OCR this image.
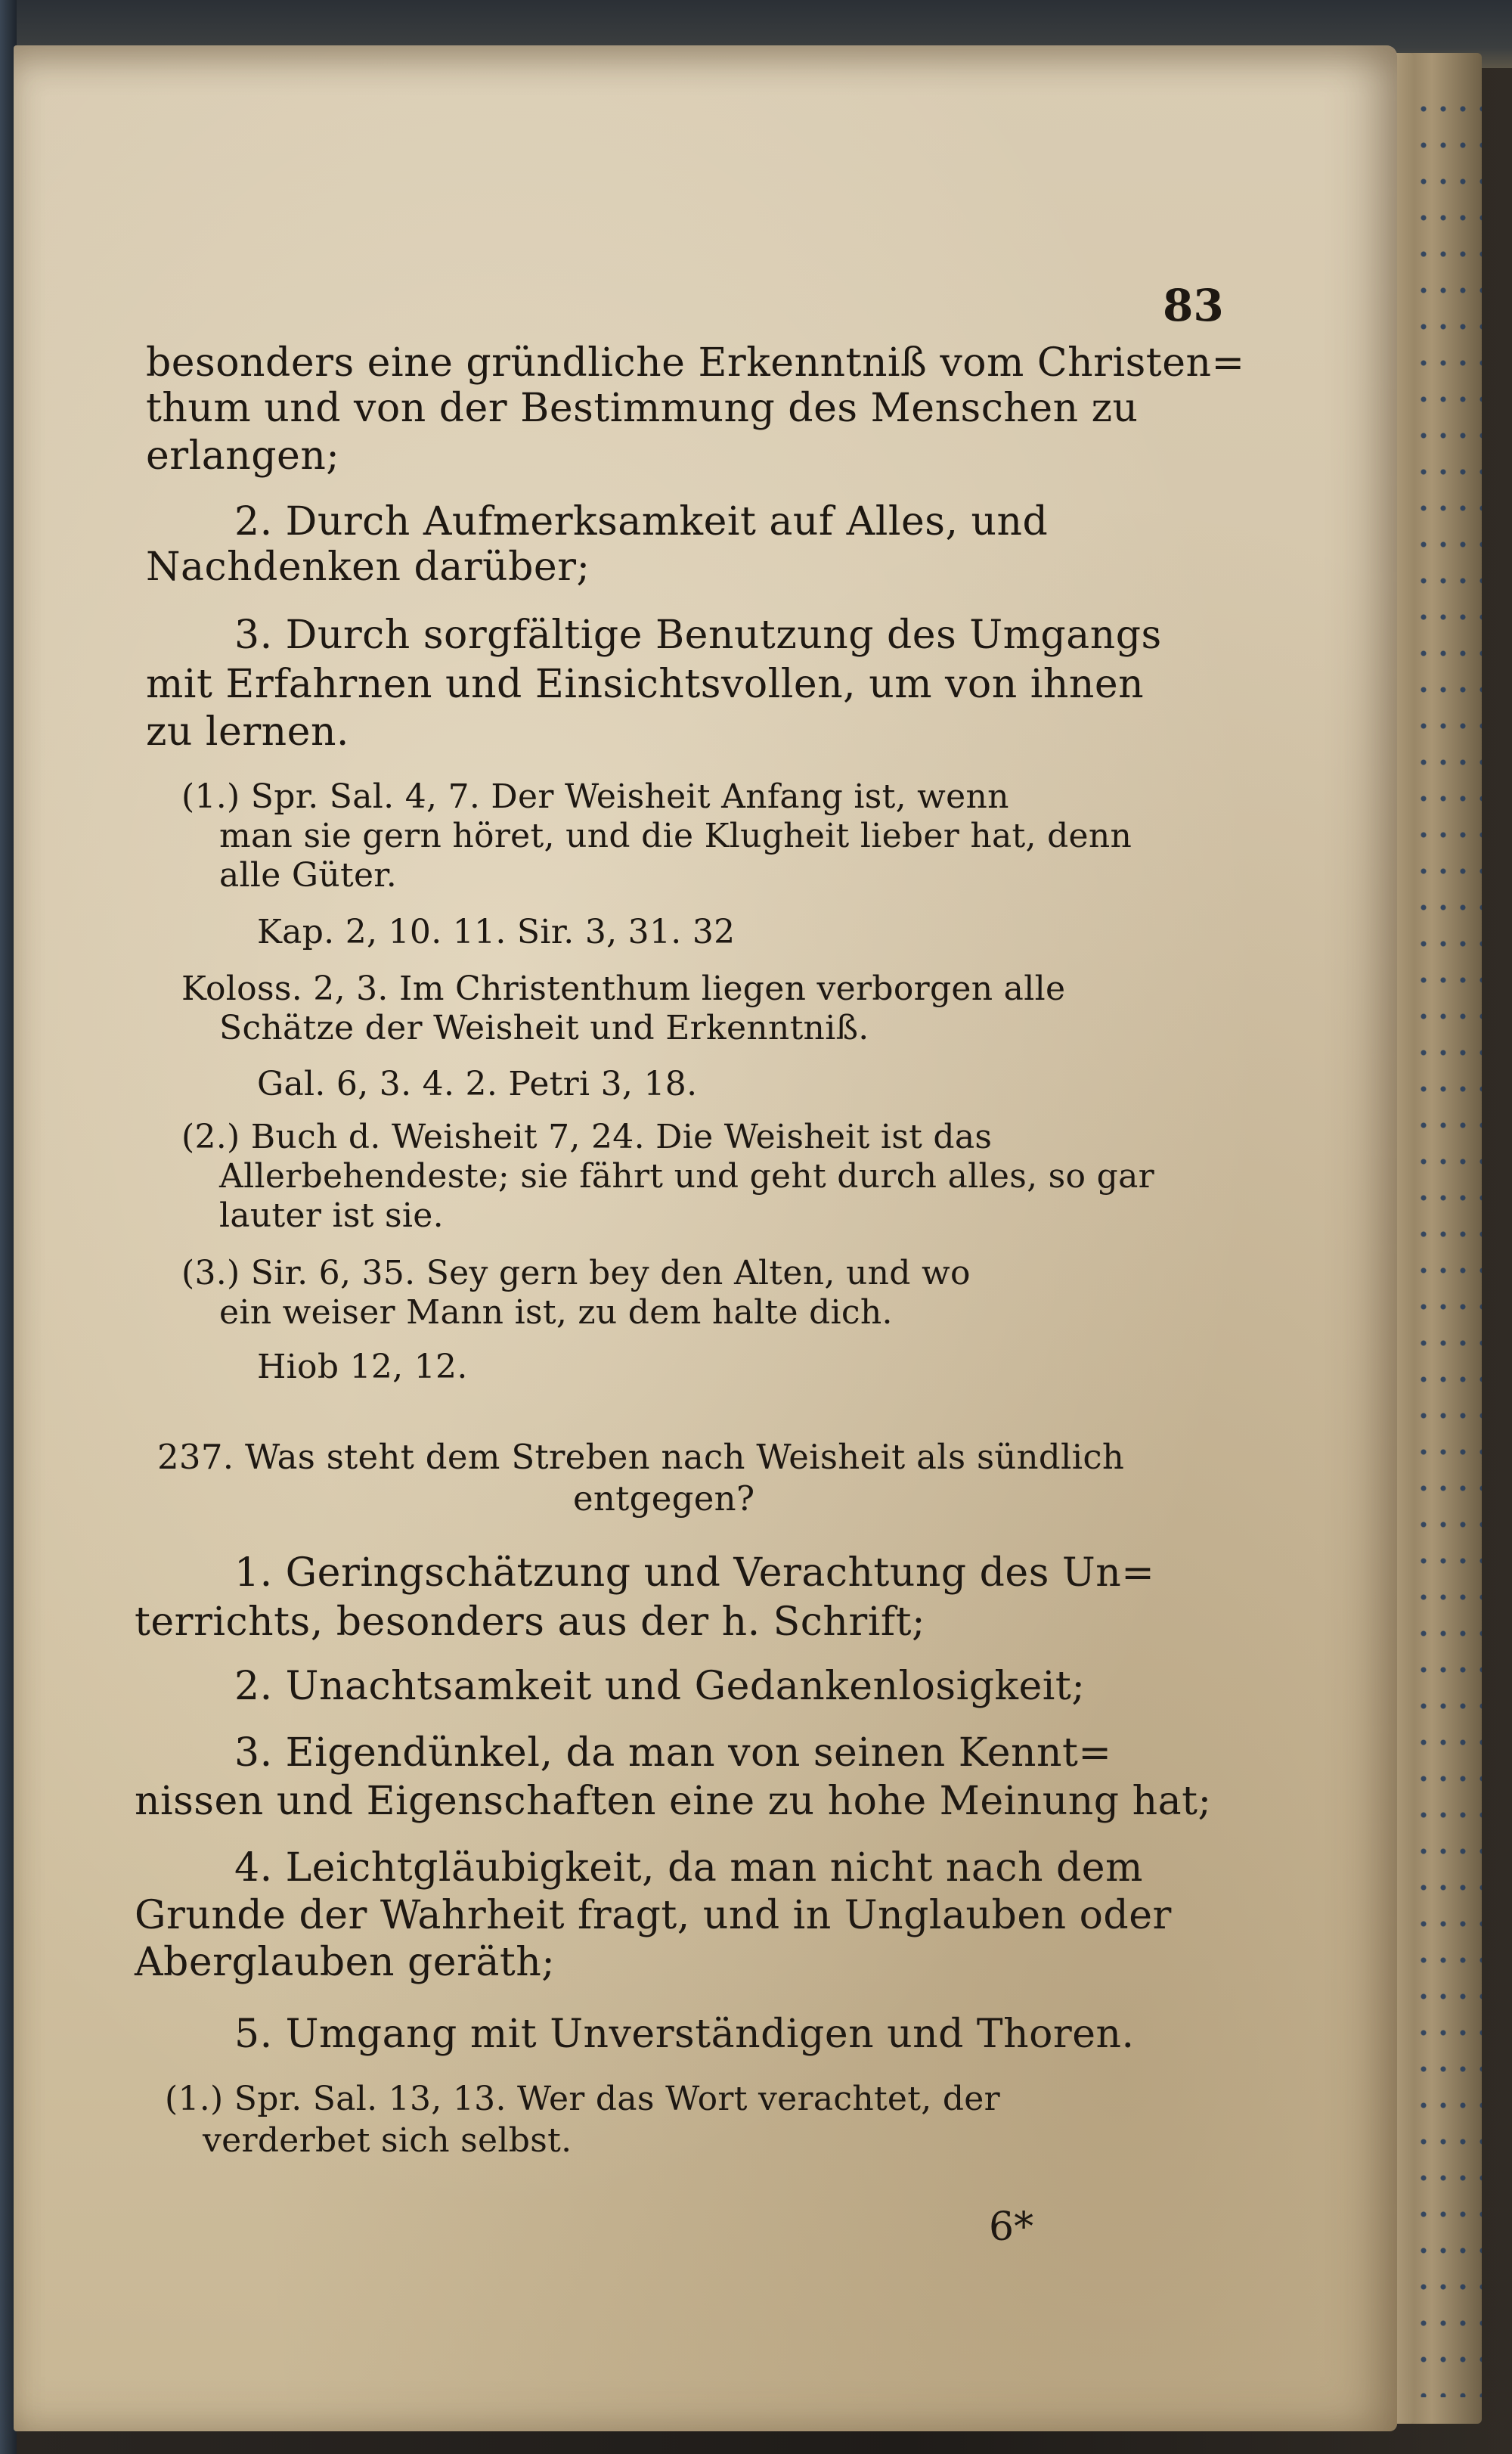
83

besonders eine gründliche Erkenntniß vom Christen=

thum und von der Bestimmung des Menschen zu

erlangen;

2. Durch Aufmerksamkeit auf Alles, und

Nachdenken darüber;

3. Durch sorgfältige Benutzung des Umgangs

mit Erfahrnen und Einsichtsvollen, um von ihnen

zu lernen.

(1.) Spr. Sal. 4, 7. Der Weisheit Anfang ist, wenn

man sie gern höret, und die Klugheit lieber hat, denn

alle Güter.

Kap. 2, 10. 11. Sir. 3, 31. 32

Koloss. 2, 3. Im Christenthum liegen verborgen alle

Schätze der Weisheit und Erkenntniß.

Gal. 6, 3. 4. 2. Petri 3, 18.

(2.) Buch d. Weisheit 7, 24. Die Weisheit ist das

Allerbehendeste; sie fährt und geht durch alles, so gar

lauter ist sie.

(3.) Sir. 6, 35. Sey gern bey den Alten, und wo

ein weiser Mann ist, zu dem halte dich.

Hiob 12, 12.

237. Was steht dem Streben nach Weisheit als sündlich

entgegen?

1. Geringschätzung und Verachtung des Un=

terrichts, besonders aus der h. Schrift;

2. Unachtsamkeit und Gedankenlosigkeit;

3. Eigendünkel, da man von seinen Kennt=

nissen und Eigenschaften eine zu hohe Meinung hat;

4. Leichtgläubigkeit, da man nicht nach dem

Grunde der Wahrheit fragt, und in Unglauben oder

Aberglauben geräth;

5. Umgang mit Unverständigen und Thoren.

(1.) Spr. Sal. 13, 13. Wer das Wort verachtet, der

verderbet sich selbst.

6*
